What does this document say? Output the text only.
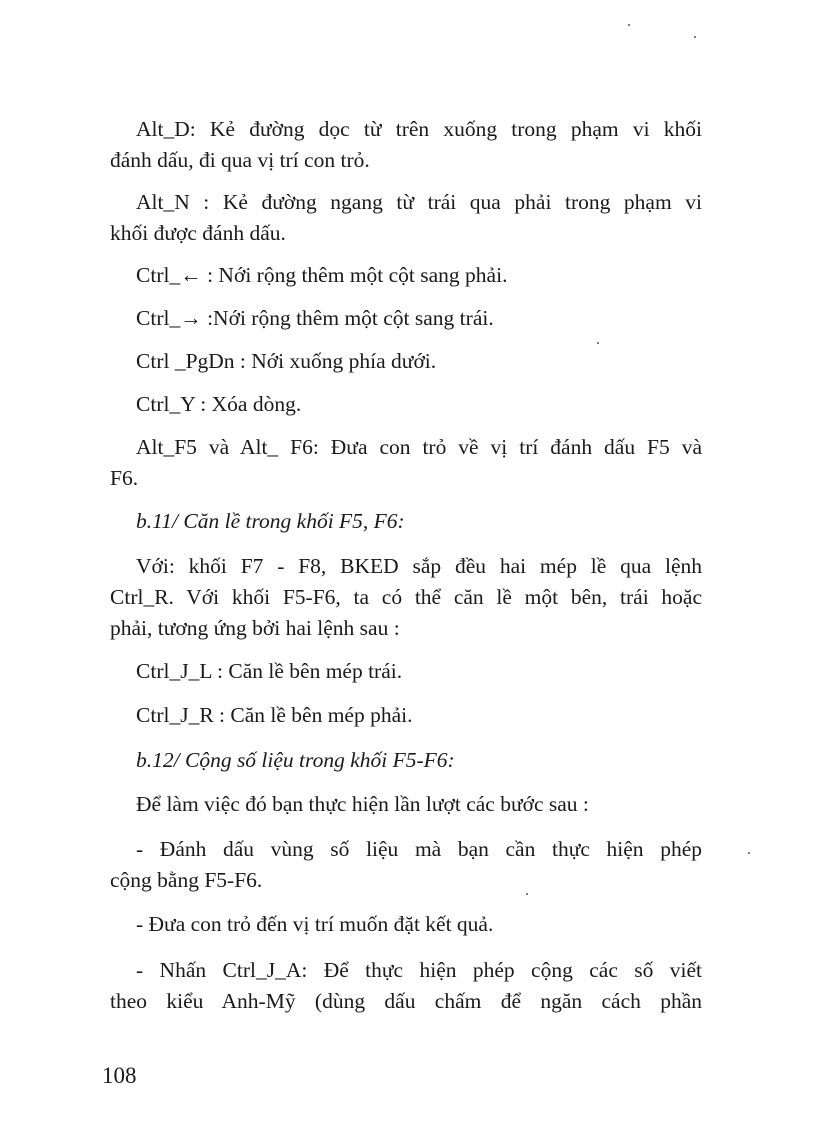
Alt_D: Kẻ đường dọc từ trên xuống trong phạm vi khối
đánh dấu, đi qua vị trí con trỏ.
Alt_N : Kẻ đường ngang từ trái qua phải trong phạm vi
khối được đánh dấu.
Ctrl_← : Nới rộng thêm một cột sang phải.
Ctrl_→ :Nới rộng thêm một cột sang trái.
Ctrl _PgDn : Nới xuống phía dưới.
Ctrl_Y : Xóa dòng.
Alt_F5 và Alt_ F6: Đưa con trỏ về vị trí đánh dấu F5 và
F6.
b.11/ Căn lề trong khối F5, F6:
Với: khối F7 - F8, BKED sắp đều hai mép lề qua lệnh
Ctrl_R. Với khối F5-F6, ta có thể căn lề một bên, trái hoặc
phải, tương ứng bởi hai lệnh sau :
Ctrl_J_L : Căn lề bên mép trái.
Ctrl_J_R : Căn lề bên mép phải.
b.12/ Cộng số liệu trong khối F5-F6:
Để làm việc đó bạn thực hiện lần lượt các bước sau :
- Đánh dấu vùng số liệu mà bạn cần thực hiện phép
cộng bằng F5-F6.
- Đưa con trỏ đến vị trí muốn đặt kết quả.
- Nhấn Ctrl_J_A: Để thực hiện phép cộng các số viết
theo kiểu Anh-Mỹ (dùng dấu chấm để ngăn cách phần
108
